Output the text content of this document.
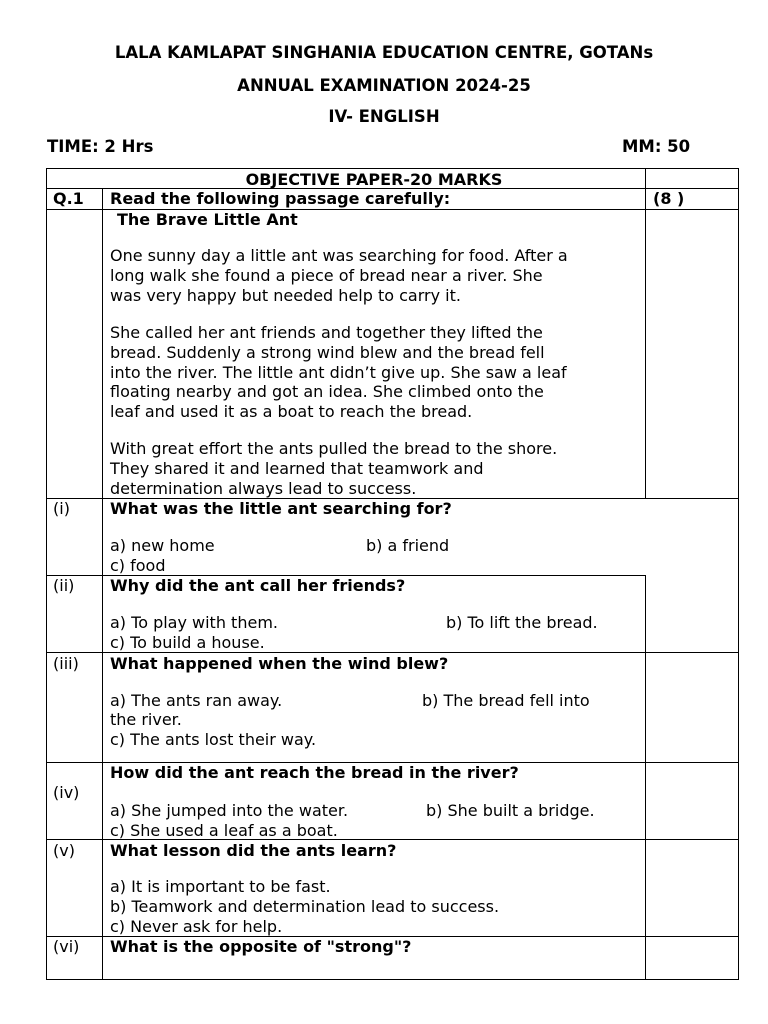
LALA KAMLAPAT SINGHANIA EDUCATION CENTRE, GOTANs
ANNUAL EXAMINATION 2024-25
IV- ENGLISH
TIME: 2 Hrs	MM: 50
OBJECTIVE PAPER-20 MARKS
Q.1 Read the following passage carefully:	(8 )
The Brave Little Ant
One sunny day a little ant was searching for food. After a
long walk she found a piece of bread near a river. She
was very happy but needed help to carry it.
She called her ant friends and together they lifted the
bread. Suddenly a strong wind blew and the bread fell
into the river. The little ant didn’t give up. She saw a leaf
floating nearby and got an idea. She climbed onto the
leaf and used it as a boat to reach the bread.
With great effort the ants pulled the bread to the shore.
They shared it and learned that teamwork and
determination always lead to success.
(i)	What was the little ant searching for?
a) new home	b) a friend
c) food
(ii) Why did the ant call her friends?
a) To play with them.	b) To lift the bread.
c) To build a house.
(iii) What happened when the wind blew?
a) The ants ran away.	b) The bread fell into
the river.
c) The ants lost their way.
(iv)
How did the ant reach the bread in the river?
a) She jumped into the water.	b) She built a bridge.
c) She used a leaf as a boat.
(v) What lesson did the ants learn?
a) It is important to be fast.
b) Teamwork and determination lead to success.
c) Never ask for help.
(vi) What is the opposite of "strong"?
